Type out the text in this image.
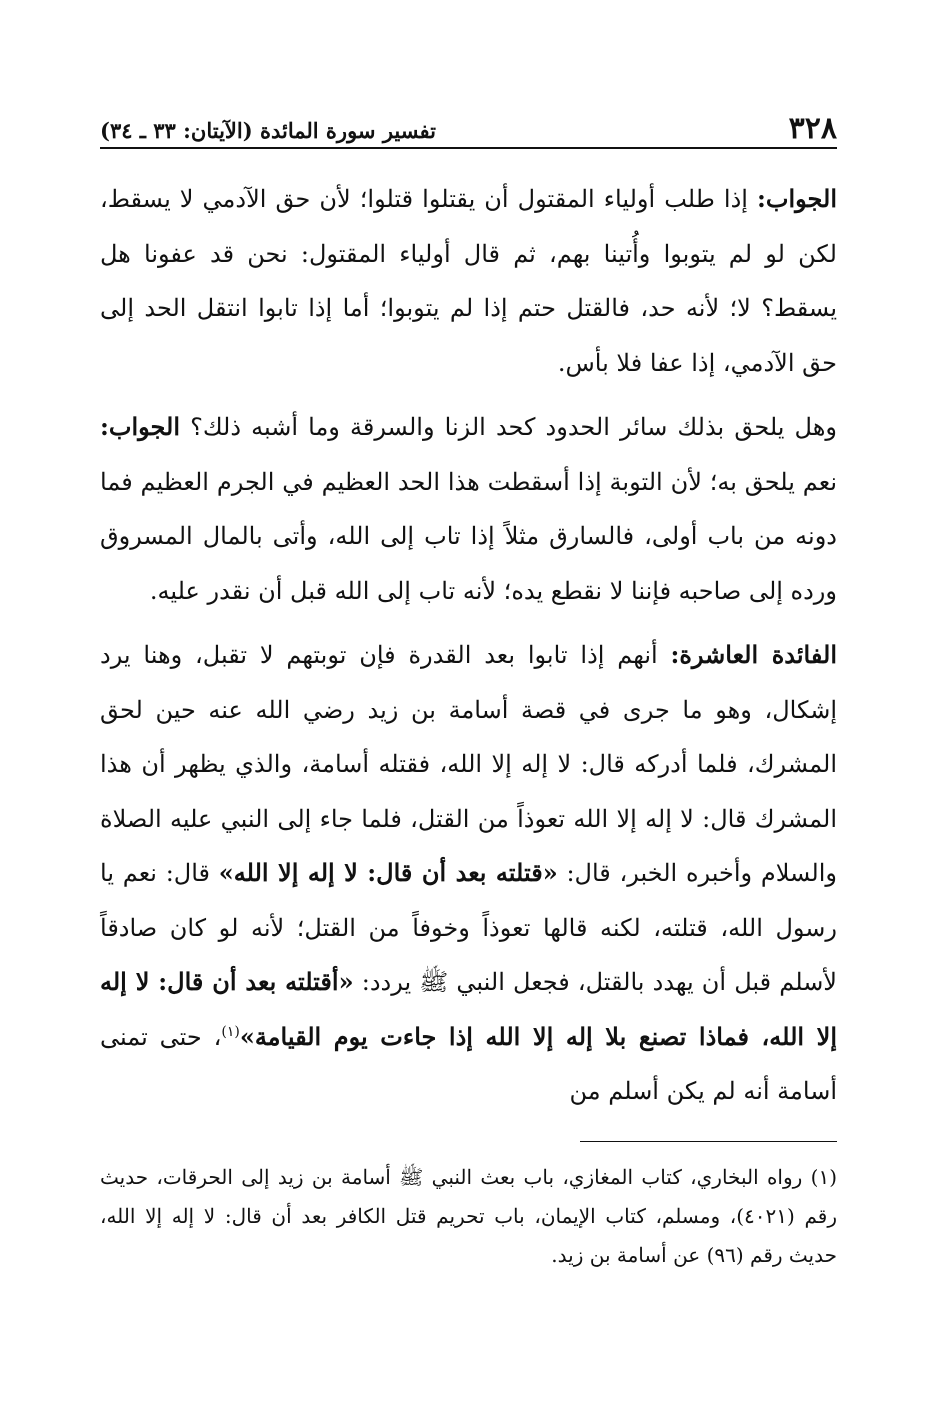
٣٢٨
تفسير سورة المائدة (الآيتان: ٣٣ ـ ٣٤)

الجواب: إذا طلب أولياء المقتول أن يقتلوا قتلوا؛ لأن حق الآدمي لا يسقط، لكن لو لم يتوبوا وأُتينا بهم، ثم قال أولياء المقتول: نحن قد عفونا هل يسقط؟ لا؛ لأنه حد، فالقتل حتم إذا لم يتوبوا؛ أما إذا تابوا انتقل الحد إلى حق الآدمي، إذا عفا فلا بأس.

وهل يلحق بذلك سائر الحدود كحد الزنا والسرقة وما أشبه ذلك؟ الجواب: نعم يلحق به؛ لأن التوبة إذا أسقطت هذا الحد العظيم في الجرم العظيم فما دونه من باب أولى، فالسارق مثلاً إذا تاب إلى الله، وأتى بالمال المسروق ورده إلى صاحبه فإننا لا نقطع يده؛ لأنه تاب إلى الله قبل أن نقدر عليه.

الفائدة العاشرة: أنهم إذا تابوا بعد القدرة فإن توبتهم لا تقبل، وهنا يرد إشكال، وهو ما جرى في قصة أسامة بن زيد رضي الله عنه حين لحق المشرك، فلما أدركه قال: لا إله إلا الله، فقتله أسامة، والذي يظهر أن هذا المشرك قال: لا إله إلا الله تعوذاً من القتل، فلما جاء إلى النبي عليه الصلاة والسلام وأخبره الخبر، قال: «قتلته بعد أن قال: لا إله إلا الله» قال: نعم يا رسول الله، قتلته، لكنه قالها تعوذاً وخوفاً من القتل؛ لأنه لو كان صادقاً لأسلم قبل أن يهدد بالقتل، فجعل النبي ﷺ يردد: «أقتلته بعد أن قال: لا إله إلا الله، فماذا تصنع بلا إله إلا الله إذا جاءت يوم القيامة»$^{(١)}$، حتى تمنى أسامة أنه لم يكن أسلم من

(١) رواه البخاري، كتاب المغازي، باب بعث النبي ﷺ أسامة بن زيد إلى الحرقات، حديث رقم (٤٠٢١)، ومسلم، كتاب الإيمان، باب تحريم قتل الكافر بعد أن قال: لا إله إلا الله، حديث رقم (٩٦) عن أسامة بن زيد.
